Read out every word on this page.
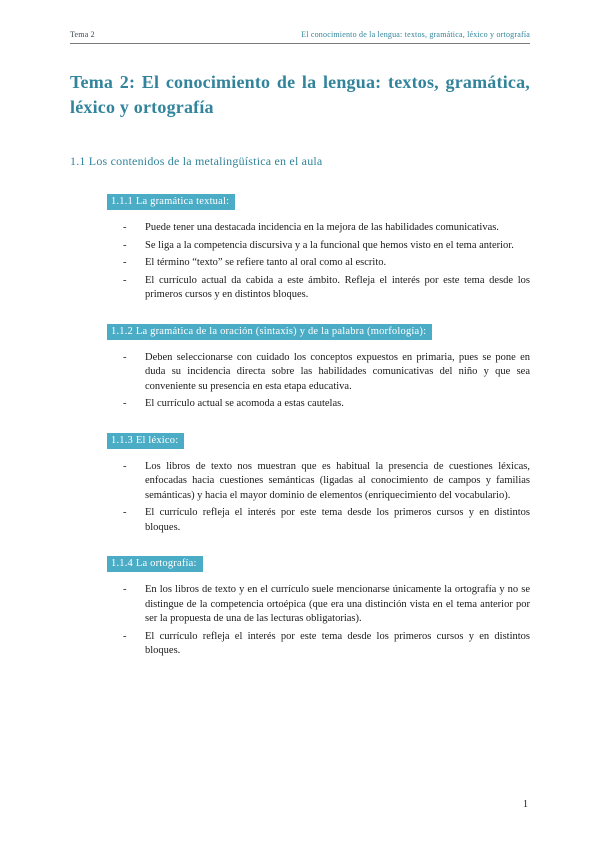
Tema 2	El conocimiento de la lengua: textos, gramática, léxico y ortografía
Tema 2: El conocimiento de la lengua: textos, gramática, léxico y ortografía
1.1 Los contenidos de la metalingüística en el aula
1.1.1 La gramática textual:
-	Puede tener una destacada incidencia en la mejora de las habilidades comunicativas.
-	Se liga a la competencia discursiva y a la funcional que hemos visto en el tema anterior.
-	El término “texto” se refiere tanto al oral como al escrito.
-	El currículo actual da cabida a este ámbito. Refleja el interés por este tema desde los primeros cursos y en distintos bloques.
1.1.2 La gramática de la oración (sintaxis) y de la palabra (morfología):
-	Deben seleccionarse con cuidado los conceptos expuestos en primaria, pues se pone en duda su incidencia directa sobre las habilidades comunicativas del niño y que sea conveniente su presencia en esta etapa educativa.
-	El currículo actual se acomoda a estas cautelas.
1.1.3 El léxico:
-	Los libros de texto nos muestran que es habitual la presencia de cuestiones léxicas, enfocadas hacia cuestiones semánticas (ligadas al conocimiento de campos y familias semánticas) y hacia el mayor dominio de elementos (enriquecimiento del vocabulario).
-	El currículo refleja el interés por este tema desde los primeros cursos y en distintos bloques.
1.1.4 La ortografía:
-	En los libros de texto y en el currículo suele mencionarse únicamente la ortografía y no se distingue de la competencia ortoépica (que era una distinción vista en el tema anterior por ser la propuesta de una de las lecturas obligatorias).
-	El currículo refleja el interés por este tema desde los primeros cursos y en distintos bloques.
1
